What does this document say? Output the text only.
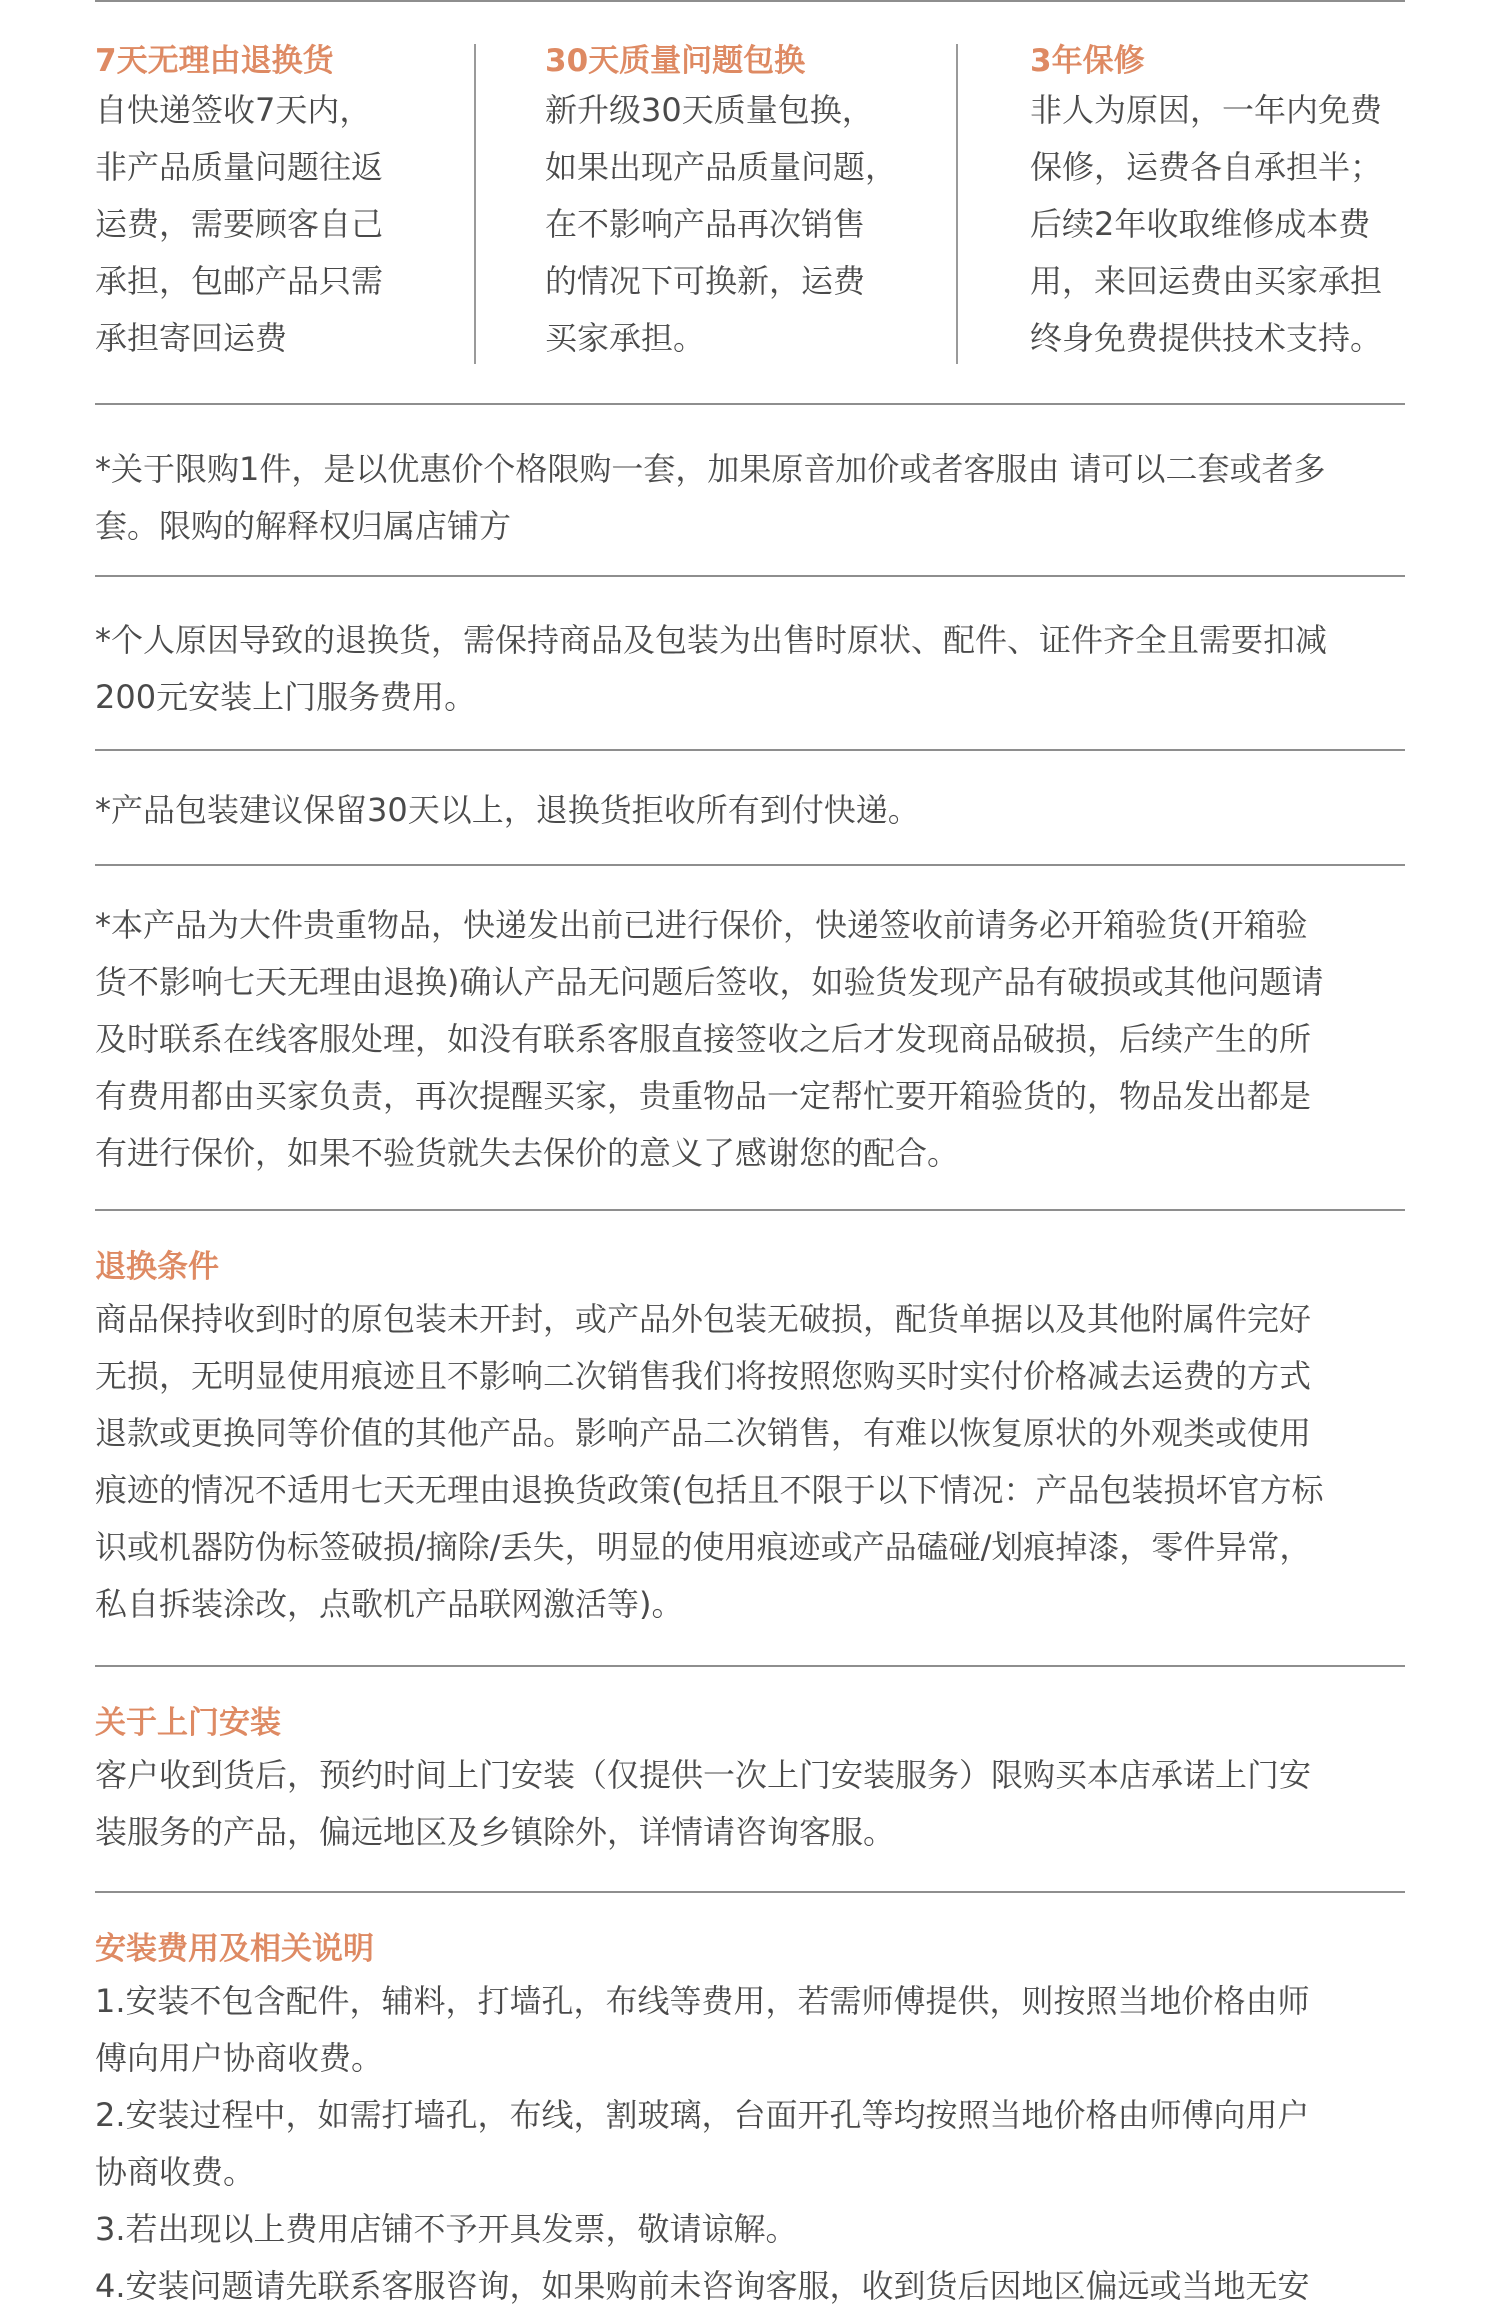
7天无理由退换货
自快递签收7天内，
非产品质量问题往返
运费，需要顾客自己
承担，包邮产品只需
承担寄回运费
30天质量问题包换
新升级30天质量包换，
如果出现产品质量问题，
在不影响产品再次销售
的情况下可换新，运费
买家承担。
3年保修
非人为原因，一年内免费
保修，运费各自承担半；
后续2年收取维修成本费
用，来回运费由买家承担
终身免费提供技术支持。
*关于限购1件，是以优惠价个格限购一套，加果原音加价或者客服由 请可以二套或者多
套。限购的解释权归属店铺方
*个人原因导致的退换货，需保持商品及包装为出售时原状、配件、证件齐全且需要扣减
200元安装上门服务费用。
*产品包装建议保留30天以上，退换货拒收所有到付快递。
*本产品为大件贵重物品，快递发出前已进行保价，快递签收前请务必开箱验货(开箱验
货不影响七天无理由退换)确认产品无问题后签收，如验货发现产品有破损或其他问题请
及时联系在线客服处理，如没有联系客服直接签收之后才发现商品破损，后续产生的所
有费用都由买家负责，再次提醒买家，贵重物品一定帮忙要开箱验货的，物品发出都是
有进行保价，如果不验货就失去保价的意义了感谢您的配合。
退换条件
商品保持收到时的原包装未开封，或产品外包装无破损，配货单据以及其他附属件完好
无损，无明显使用痕迹且不影响二次销售我们将按照您购买时实付价格减去运费的方式
退款或更换同等价值的其他产品。影响产品二次销售，有难以恢复原状的外观类或使用
痕迹的情况不适用七天无理由退换货政策(包括且不限于以下情况：产品包装损坏官方标
识或机器防伪标签破损/摘除/丢失，明显的使用痕迹或产品磕碰/划痕掉漆，零件异常，
私自拆装涂改，点歌机产品联网激活等)。
关于上门安装
客户收到货后，预约时间上门安装（仅提供一次上门安装服务）限购买本店承诺上门安
装服务的产品，偏远地区及乡镇除外，详情请咨询客服。
安装费用及相关说明
1.安装不包含配件，辅料，打墙孔，布线等费用，若需师傅提供，则按照当地价格由师
傅向用户协商收费。
2.安装过程中，如需打墙孔，布线，割玻璃，台面开孔等均按照当地价格由师傅向用户
协商收费。
3.若出现以上费用店铺不予开具发票，敬请谅解。
4.安装问题请先联系客服咨询，如果购前未咨询客服，收到货后因地区偏远或当地无安
